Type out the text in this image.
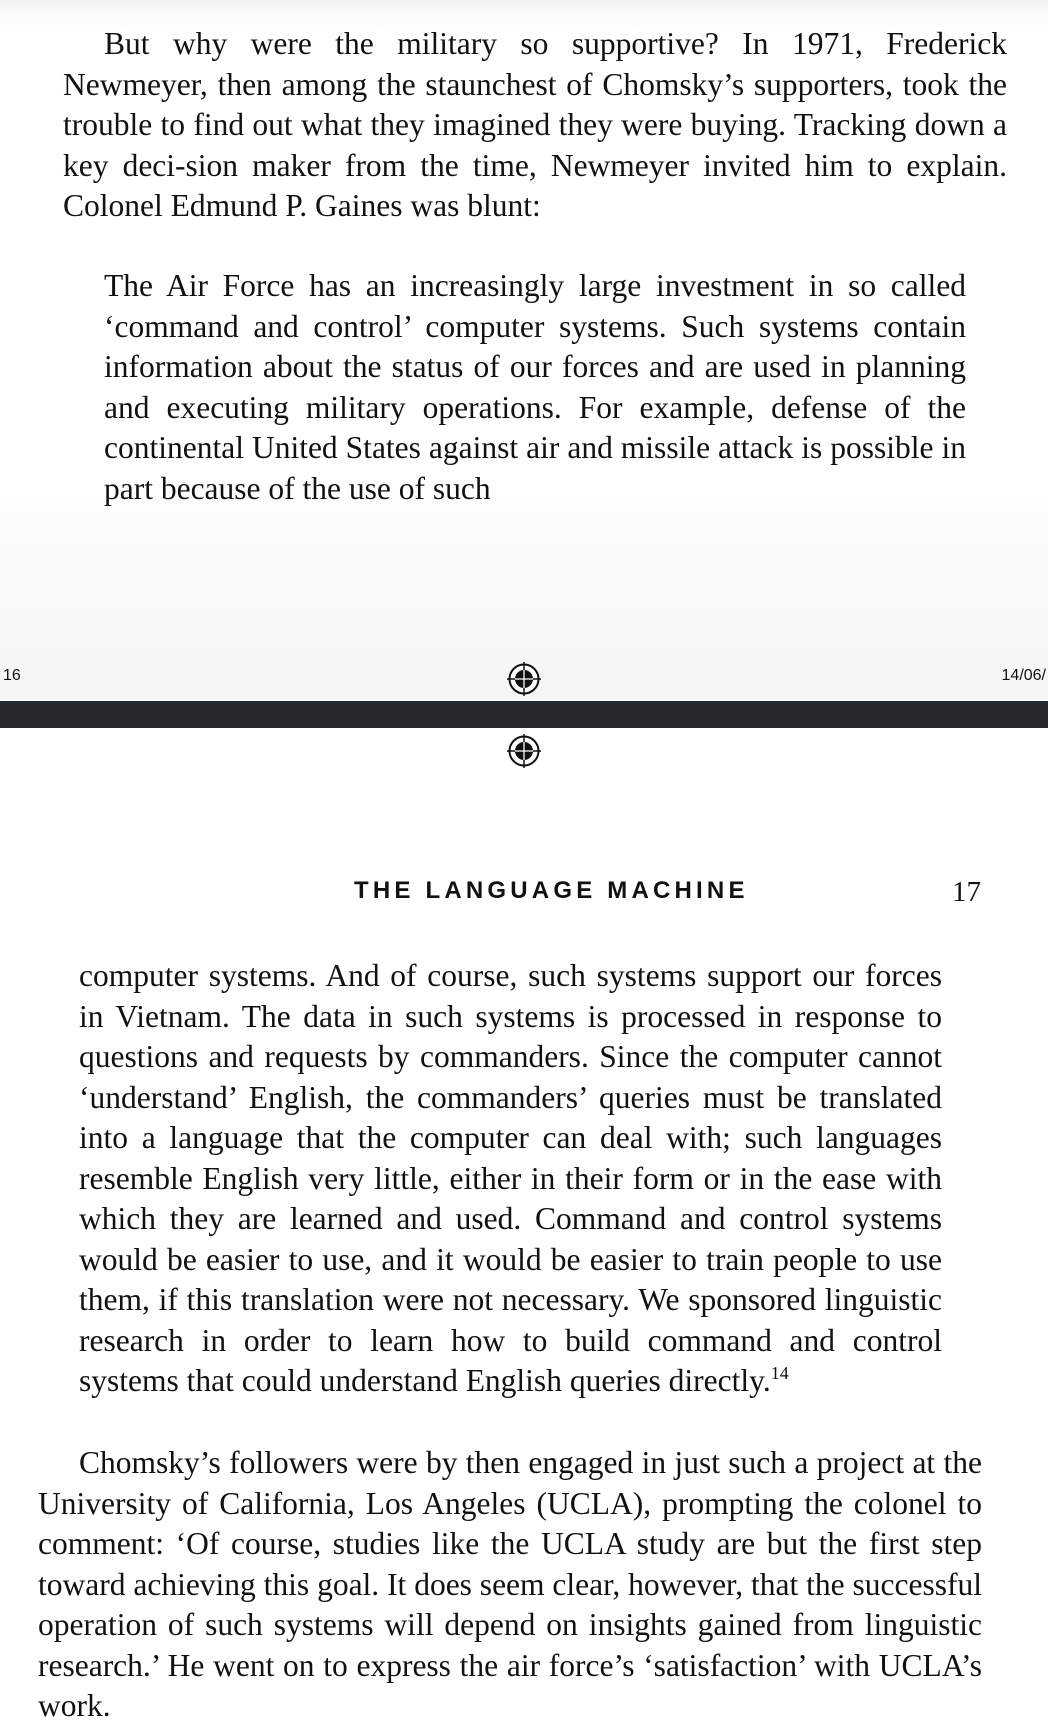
But why were the military so supportive? In 1971, Frederick Newmeyer, then among the staunchest of Chomsky’s supporters, took the trouble to find out what they imagined they were buying. Tracking down a key deci-sion maker from the time, Newmeyer invited him to explain. Colonel Edmund P. Gaines was blunt:

The Air Force has an increasingly large investment in so called ‘command and control’ computer systems. Such systems contain information about the status of our forces and are used in planning and executing military operations. For example, defense of the continental United States against air and missile attack is possible in part because of the use of such

16	14/06/
THE LANGUAGE MACHINE	17

computer systems. And of course, such systems support our forces in Vietnam. The data in such systems is processed in response to questions and requests by commanders. Since the computer cannot ‘understand’ English, the commanders’ queries must be translated into a language that the computer can deal with; such languages resemble English very little, either in their form or in the ease with which they are learned and used. Command and control systems would be easier to use, and it would be easier to train people to use them, if this translation were not necessary. We sponsored linguistic research in order to learn how to build command and control systems that could understand English queries directly.$^{14}$

Chomsky’s followers were by then engaged in just such a project at the University of California, Los Angeles (UCLA), prompting the colonel to comment: ‘Of course, studies like the UCLA study are but the first step toward achieving this goal. It does seem clear, however, that the successful operation of such systems will depend on insights gained from linguistic research.’ He went on to express the air force’s ‘satisfaction’ with UCLA’s work.
